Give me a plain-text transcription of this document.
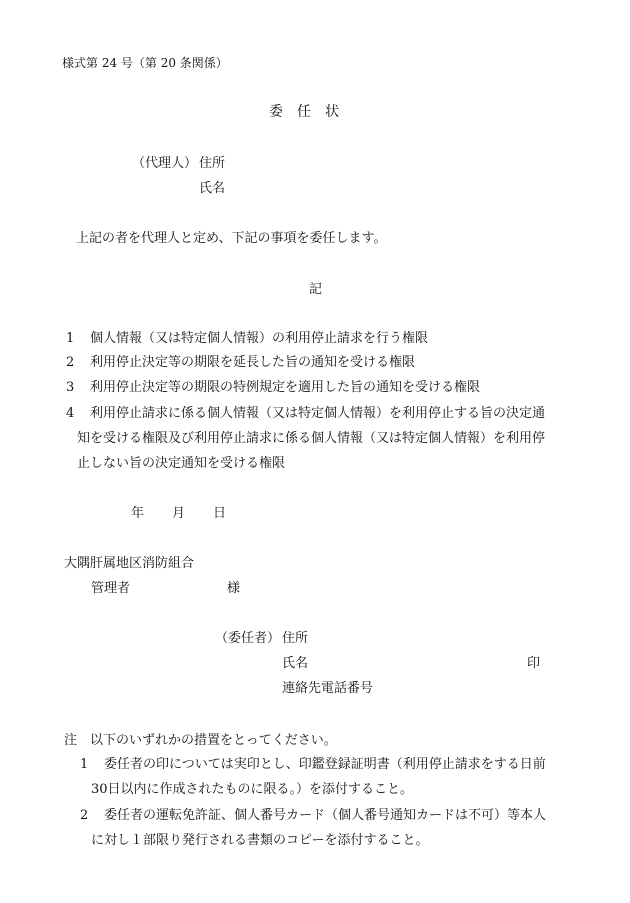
様式第 24 号（第 20 条関係）
委　任　状
（代理人） 住所
氏名
上記の者を代理人と定め、下記の事項を委任します。
記
1 個人情報（又は特定個人情報）の利用停止請求を行う権限
2 利用停止決定等の期限を延長した旨の通知を受ける権限
3 利用停止決定等の期限の特例規定を適用した旨の通知を受ける権限
4 利用停止請求に係る個人情報（又は特定個人情報）を利用停止する旨の決定通
知を受ける権限及び利用停止請求に係る個人情報（又は特定個人情報）を利用停
止しない旨の決定通知を受ける権限
年 月 日
大隅肝属地区消防組合
管理者	様
（委任者） 住所
氏名	印
連絡先電話番号
注　以下のいずれかの措置をとってください。
1 委任者の印については実印とし、印鑑登録証明書（利用停止請求をする日前
30日以内に作成されたものに限る。）を添付すること。
2 委任者の運転免許証、個人番号カード（個人番号通知カードは不可）等本人
に対し１部限り発行される書類のコピーを添付すること。
